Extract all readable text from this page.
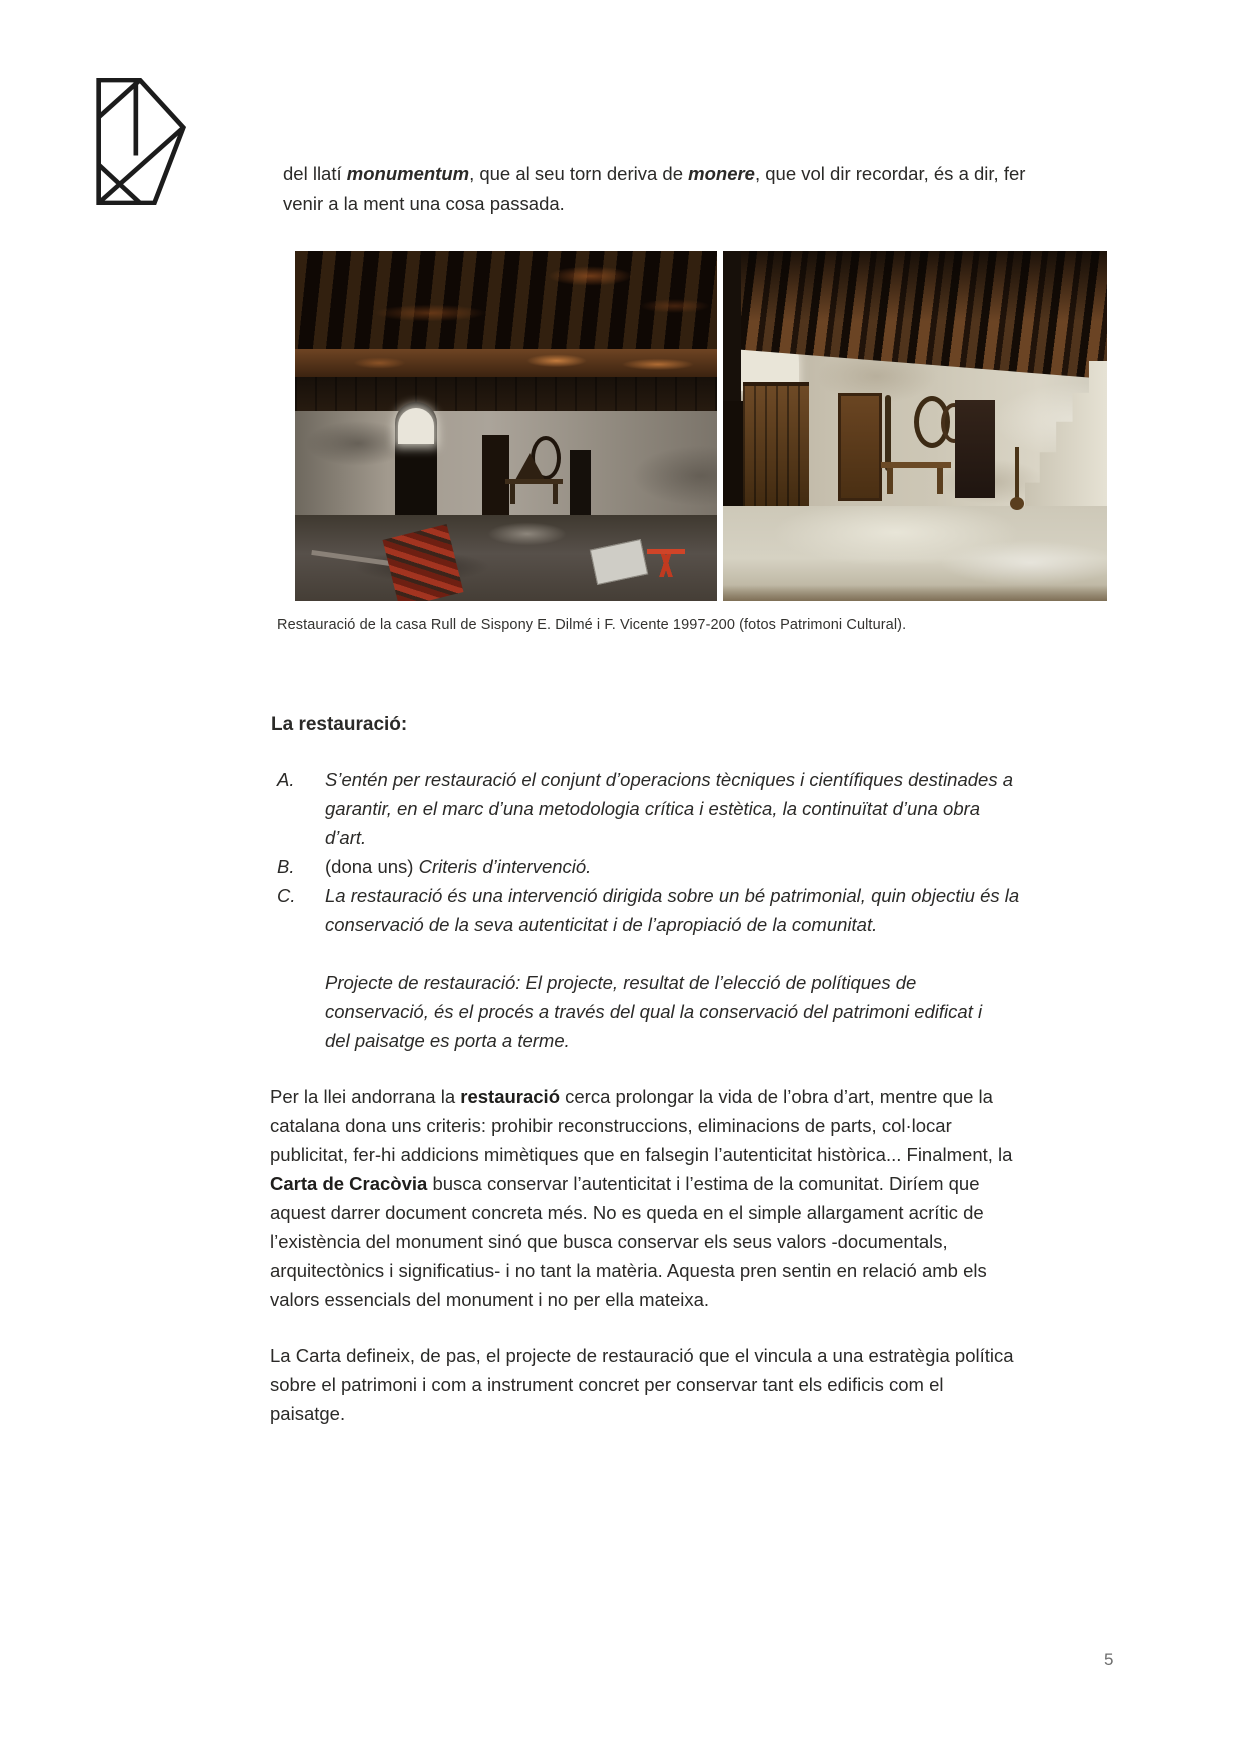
del llatí monumentum, que al seu torn deriva de monere, que vol dir recordar, és a dir, fer venir a la ment una cosa passada.

Restauració de la casa Rull de Sispony E. Dilmé i F. Vicente 1997-200 (fotos Patrimoni Cultural).
La restauració:
A.	S’entén per restauració el conjunt d’operacions tècniques i científiques destinades a garantir, en el marc d’una metodologia crítica i estètica, la continuïtat d’una obra d’art.
B.	(dona uns) Criteris d’intervenció.
C.	La restauració és una intervenció dirigida sobre un bé patrimonial, quin objectiu és la conservació de la seva autenticitat i de l’apropiació de la comunitat.

Projecte de restauració: El projecte, resultat de l’elecció de polítiques de conservació, és el procés a través del qual la conservació del patrimoni edificat i del paisatge es porta a terme.

Per la llei andorrana la restauració cerca prolongar la vida de l’obra d’art, mentre que la catalana dona uns criteris: prohibir reconstruccions, eliminacions de parts, col·locar publicitat, fer-hi addicions mimètiques que en falsegin l’autenticitat històrica... Finalment, la Carta de Cracòvia busca conservar l’autenticitat i l’estima de la comunitat. Diríem que aquest darrer document concreta més. No es queda en el simple allargament acrític de l’existència del monument sinó que busca conservar els seus valors -documentals, arquitectònics i significatius- i no tant la matèria. Aquesta pren sentin en relació amb els valors essencials del monument i no per ella mateixa.

La Carta defineix, de pas, el projecte de restauració que el vincula a una estratègia política sobre el patrimoni i com a instrument concret per conservar tant els edificis com el paisatge.

5
